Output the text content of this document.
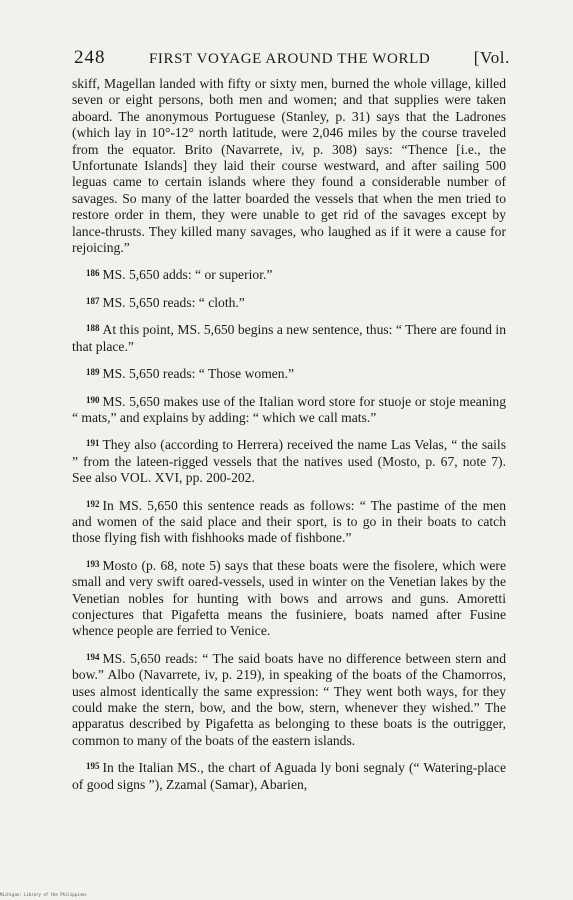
248	FIRST VOYAGE AROUND THE WORLD	[Vol.

skiff, Magellan landed with fifty or sixty men, burned the whole village, killed seven or eight persons, both men and women; and that supplies were taken aboard. The anonymous Portuguese (Stanley, p. 31) says that the Ladrones (which lay in 10°-12° north latitude, were 2,046 miles by the course traveled from the equator. Brito (Navarrete, iv, p. 308) says: “Thence [i.e., the Unfortunate Islands] they laid their course westward, and after sailing 500 leguas came to certain islands where they found a considerable number of savages. So many of the latter boarded the vessels that when the men tried to restore order in them, they were unable to get rid of the savages except by lance-thrusts. They killed many savages, who laughed as if it were a cause for rejoicing.”

$^{186}$ MS. 5,650 adds: “ or superior.”

$^{187}$ MS. 5,650 reads: “ cloth.”

$^{188}$ At this point, MS. 5,650 begins a new sentence, thus: “ There are found in that place.”

$^{189}$ MS. 5,650 reads: “ Those women.”

$^{190}$ MS. 5,650 makes use of the Italian word store for stuoje or stoje meaning “ mats,” and explains by adding: “ which we call mats.”

$^{191}$ They also (according to Herrera) received the name Las Velas, “ the sails ” from the lateen-rigged vessels that the natives used (Mosto, p. 67, note 7). See also VOL. XVI, pp. 200-202.

$^{192}$ In MS. 5,650 this sentence reads as follows: “ The pastime of the men and women of the said place and their sport, is to go in their boats to catch those flying fish with fishhooks made of fishbone.”

$^{193}$ Mosto (p. 68, note 5) says that these boats were the fisolere, which were small and very swift oared-vessels, used in winter on the Venetian lakes by the Venetian nobles for hunting with bows and arrows and guns. Amoretti conjectures that Pigafetta means the fusiniere, boats named after Fusine whence people are ferried to Venice.

$^{194}$ MS. 5,650 reads: “ The said boats have no difference between stern and bow.” Albo (Navarrete, iv, p. 219), in speaking of the boats of the Chamorros, uses almost identically the same expression: “ They went both ways, for they could make the stern, bow, and the bow, stern, whenever they wished.” The apparatus described by Pigafetta as belonging to these boats is the outrigger, common to many of the boats of the eastern islands.

$^{195}$ In the Italian MS., the chart of Aguada ly boni segnaly (“ Watering-place of good signs ”), Zzamal (Samar), Abarien,

Michigan: Library of the Philippines
